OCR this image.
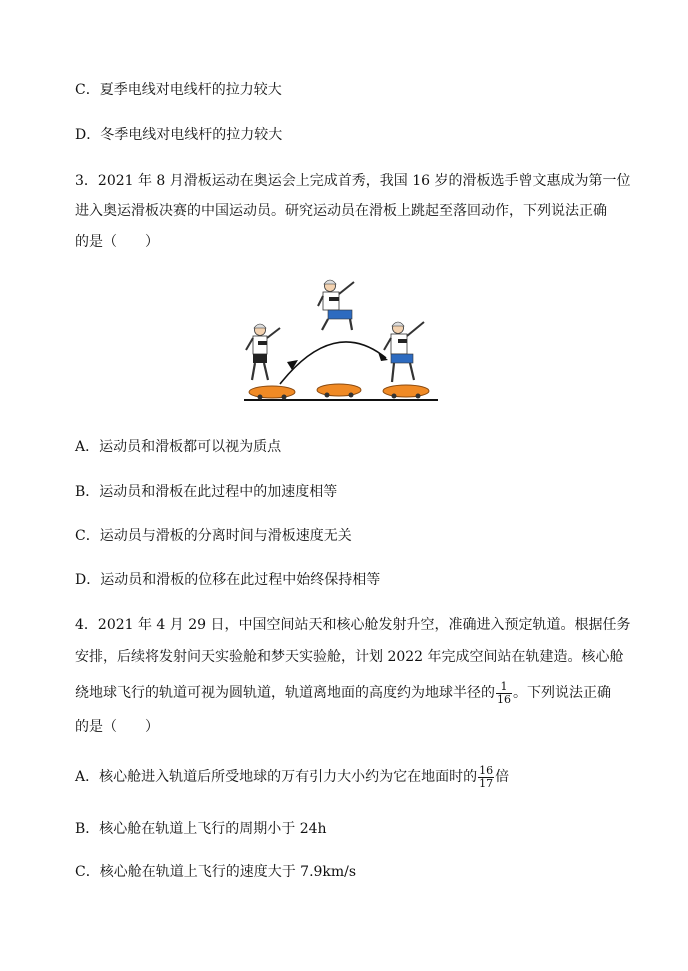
C．夏季电线对电线杆的拉力较大
D．冬季电线对电线杆的拉力较大
3．2021 年 8 月滑板运动在奥运会上完成首秀，我国 16 岁的滑板选手曾文惠成为第一位
进入奥运滑板决赛的中国运动员。研究运动员在滑板上跳起至落回动作，下列说法正确
的是（　　）
A．运动员和滑板都可以视为质点
B．运动员和滑板在此过程中的加速度相等
C．运动员与滑板的分离时间与滑板速度无关
D．运动员和滑板的位移在此过程中始终保持相等
4．2021 年 4 月 29 日，中国空间站天和核心舱发射升空，准确进入预定轨道。根据任务
安排，后续将发射问天实验舱和梦天实验舱，计划 2022 年完成空间站在轨建造。核心舱
绕地球飞行的轨道可视为圆轨道，轨道离地面的高度约为地球半径的 $\frac{1}{16}$ 。下列说法正确
的是（　　）
A．核心舱进入轨道后所受地球的万有引力大小约为它在地面时的 $\frac{16}{17}$ 倍
B．核心舱在轨道上飞行的周期小于 24h
C．核心舱在轨道上飞行的速度大于 7.9km/s
